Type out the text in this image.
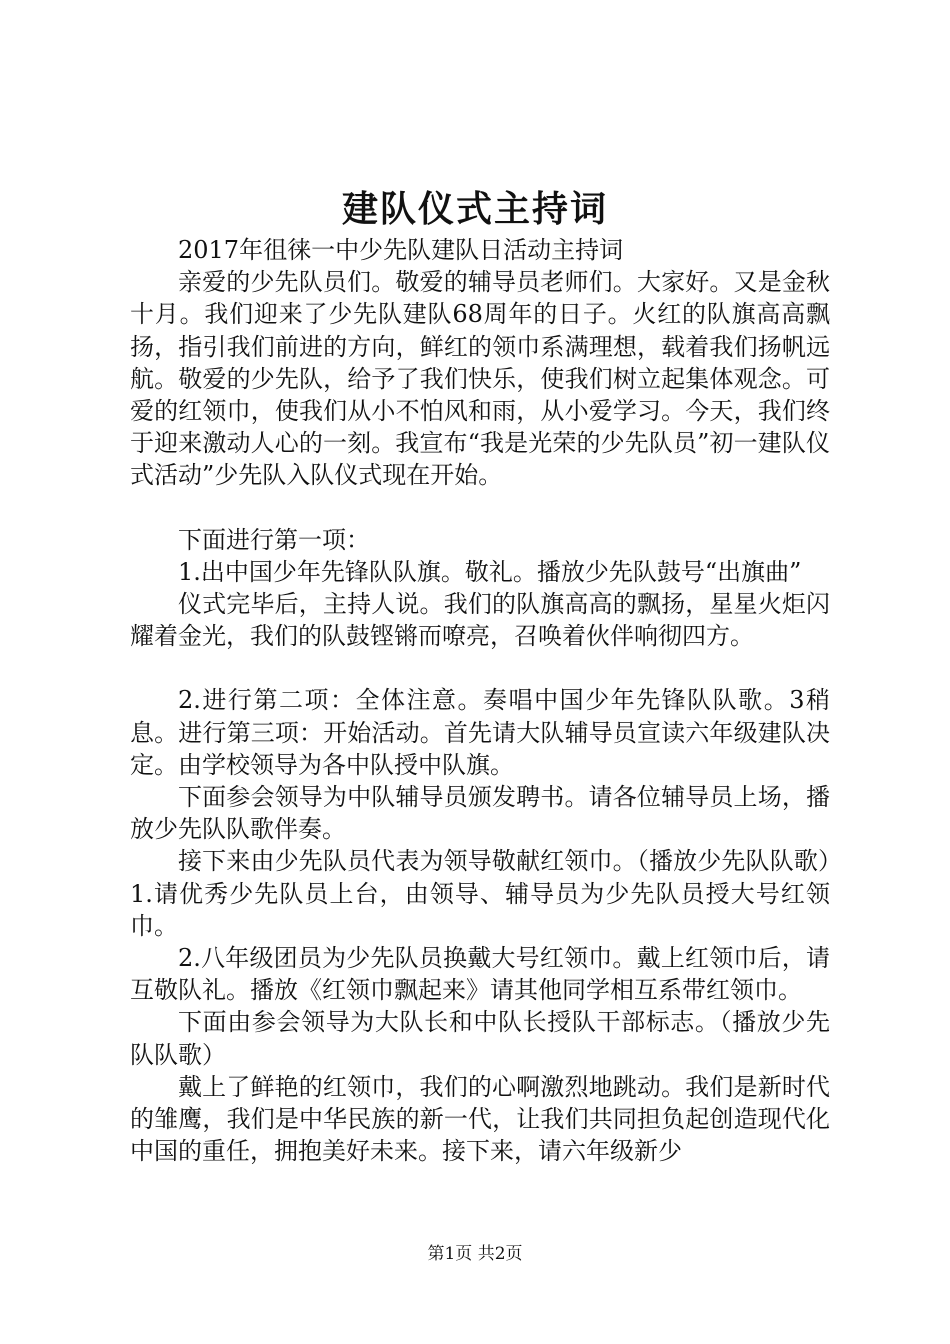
建队仪式主持词

2017年徂徕一中少先队建队日活动主持词

亲爱的少先队员们。敬爱的辅导员老师们。大家好。又是金秋十月。我们迎来了少先队建队68周年的日子。火红的队旗高高飘扬，指引我们前进的方向，鲜红的领巾系满理想，载着我们扬帆远航。敬爱的少先队，给予了我们快乐，使我们树立起集体观念。可爱的红领巾，使我们从小不怕风和雨，从小爱学习。今天，我们终于迎来激动人心的一刻。我宣布“我是光荣的少先队员”初一建队仪式活动”少先队入队仪式现在开始。

下面进行第一项：

1.出中国少年先锋队队旗。敬礼。播放少先队鼓号“出旗曲”

仪式完毕后，主持人说。我们的队旗高高的飘扬，星星火炬闪耀着金光，我们的队鼓铿锵而嘹亮，召唤着伙伴响彻四方。

2.进行第二项：全体注意。奏唱中国少年先锋队队歌。3稍息。进行第三项：开始活动。首先请大队辅导员宣读六年级建队决定。由学校领导为各中队授中队旗。

下面参会领导为中队辅导员颁发聘书。请各位辅导员上场，播放少先队队歌伴奏。

接下来由少先队员代表为领导敬献红领巾。（播放少先队队歌）1.请优秀少先队员上台，由领导、辅导员为少先队员授大号红领巾。

2.八年级团员为少先队员换戴大号红领巾。戴上红领巾后，请互敬队礼。播放《红领巾飘起来》请其他同学相互系带红领巾。

下面由参会领导为大队长和中队长授队干部标志。（播放少先队队歌）

戴上了鲜艳的红领巾，我们的心啊激烈地跳动。我们是新时代的雏鹰，我们是中华民族的新一代，让我们共同担负起创造现代化中国的重任，拥抱美好未来。接下来，请六年级新少

第1页 共2页
